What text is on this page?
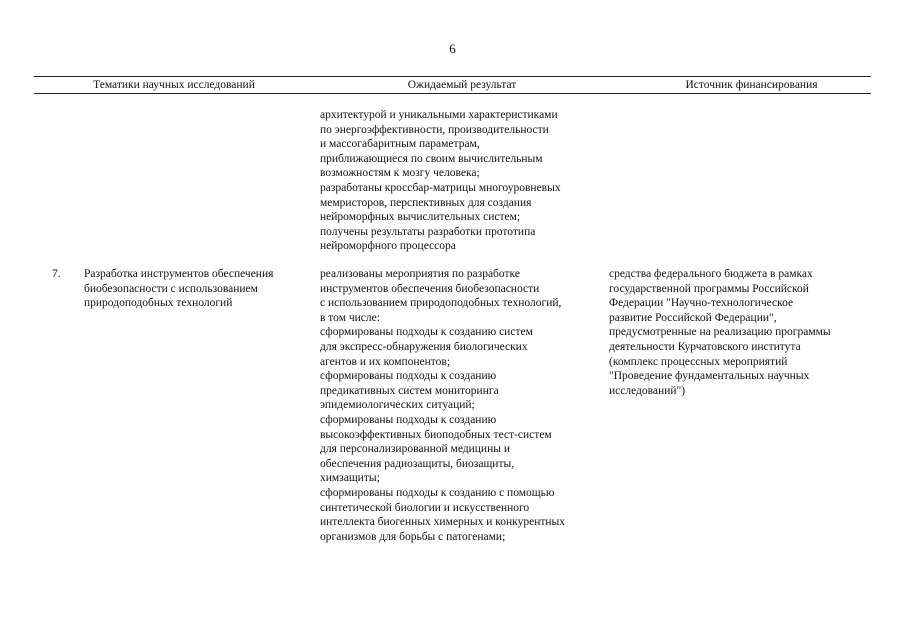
6
Тематики научных исследований	Ожидаемый результат	Источник финансирования
архитектурой и уникальными характеристиками
по энергоэффективности, производительности
и массогабаритным параметрам,
приближающиеся по своим вычислительным
возможностям к мозгу человека;
разработаны кроссбар-матрицы многоуровневых
мемристоров, перспективных для создания
нейроморфных вычислительных систем;
получены результаты разработки прототипа
нейроморфного процессора
7. Разработка инструментов обеспечения
биобезопасности с использованием
природоподобных технологий
реализованы мероприятия по разработке
инструментов обеспечения биобезопасности
с использованием природоподобных технологий,
в том числе:
сформированы подходы к созданию систем
для экспресс-обнаружения биологических
агентов и их компонентов;
сформированы подходы к созданию
предикативных систем мониторинга
эпидемиологических ситуаций;
сформированы подходы к созданию
высокоэффективных биоподобных тест-систем
для персонализированной медицины и
обеспечения радиозащиты, биозащиты,
химзащиты;
сформированы подходы к созданию с помощью
синтетической биологии и искусственного
интеллекта биогенных химерных и конкурентных
организмов для борьбы с патогенами;
средства федерального бюджета в рамках
государственной программы Российской
Федерации "Научно-технологическое
развитие Российской Федерации",
предусмотренные на реализацию программы
деятельности Курчатовского института
(комплекс процессных мероприятий
"Проведение фундаментальных научных
исследований")
